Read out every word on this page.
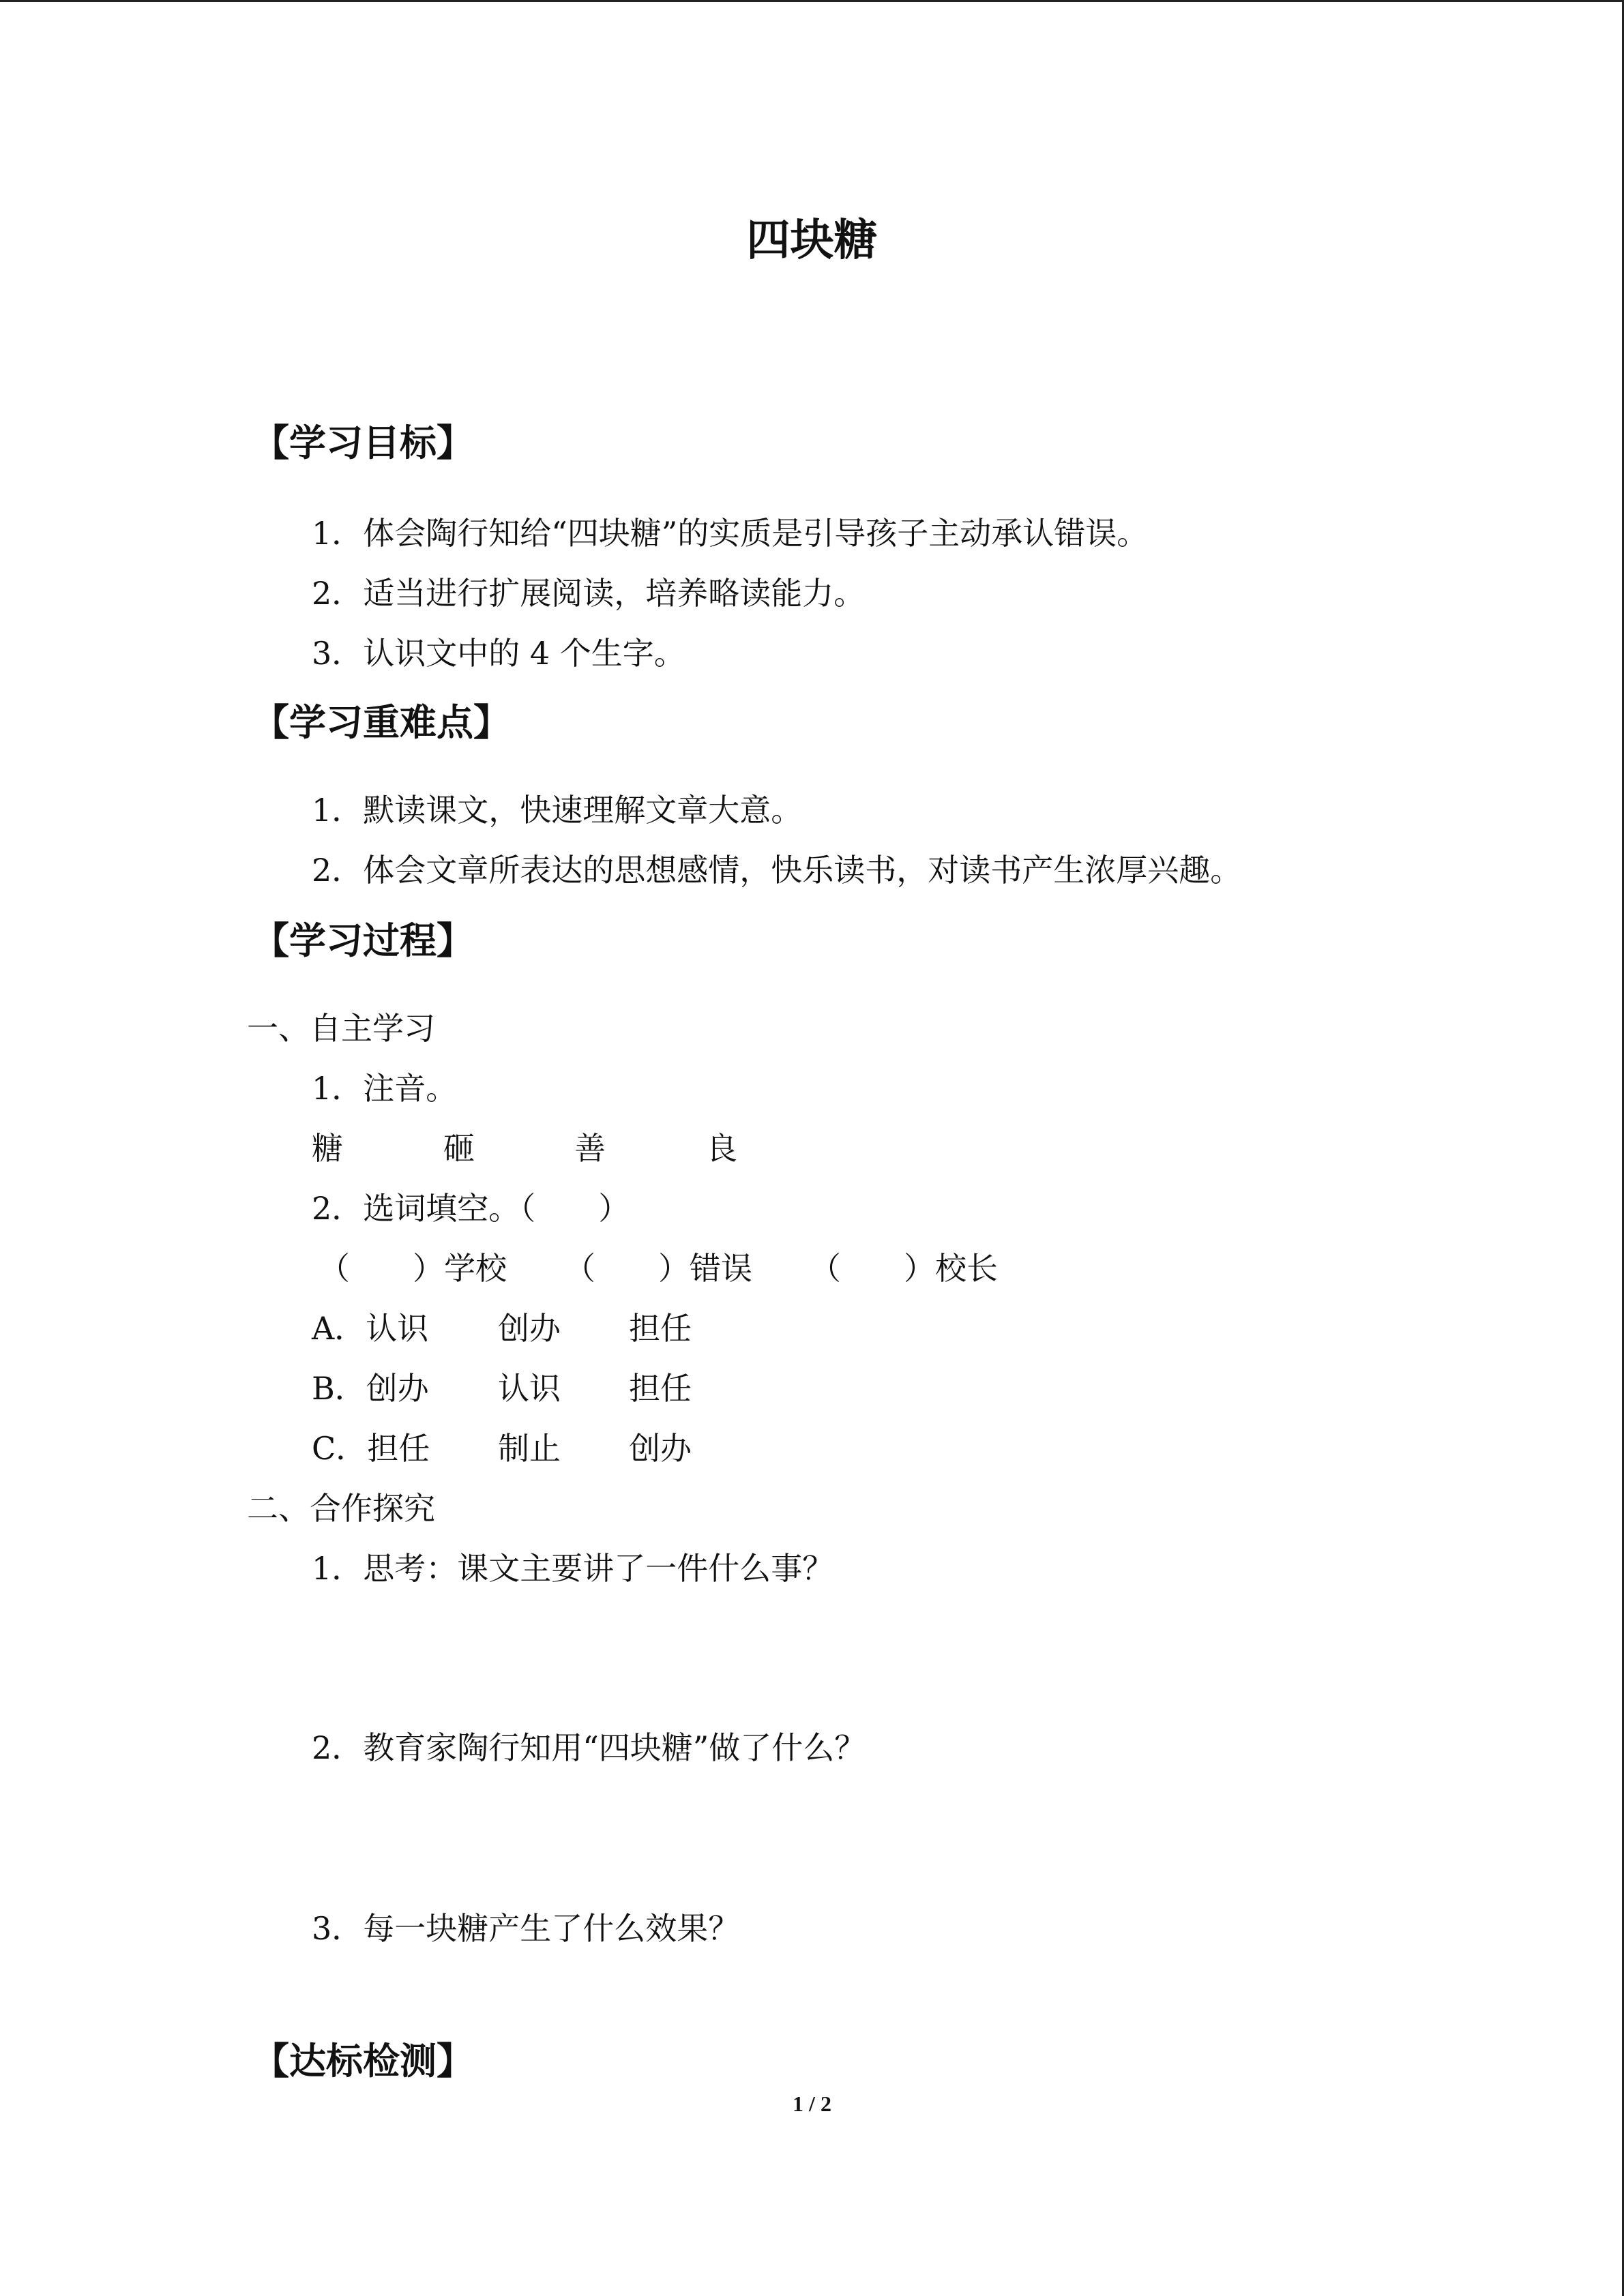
四块糖
【学习目标】
1．体会陶行知给“四块糖”的实质是引导孩子主动承认错误。
2．适当进行扩展阅读，培养略读能力。
3．认识文中的 4 个生字。
【学习重难点】
1．默读课文，快速理解文章大意。
2．体会文章所表达的思想感情，快乐读书，对读书产生浓厚兴趣。
【学习过程】
一、自主学习
1．注音。
糖	砸	善	良
2．选词填空。（　　）
（　　）学校 （　　）错误 （　　）校长
A．认识 创办 担任
B．创办 认识 担任
C．担任 制止 创办
二、合作探究
1．思考：课文主要讲了一件什么事？
2．教育家陶行知用“四块糖”做了什么？
3．每一块糖产生了什么效果？
【达标检测】
1 / 2
